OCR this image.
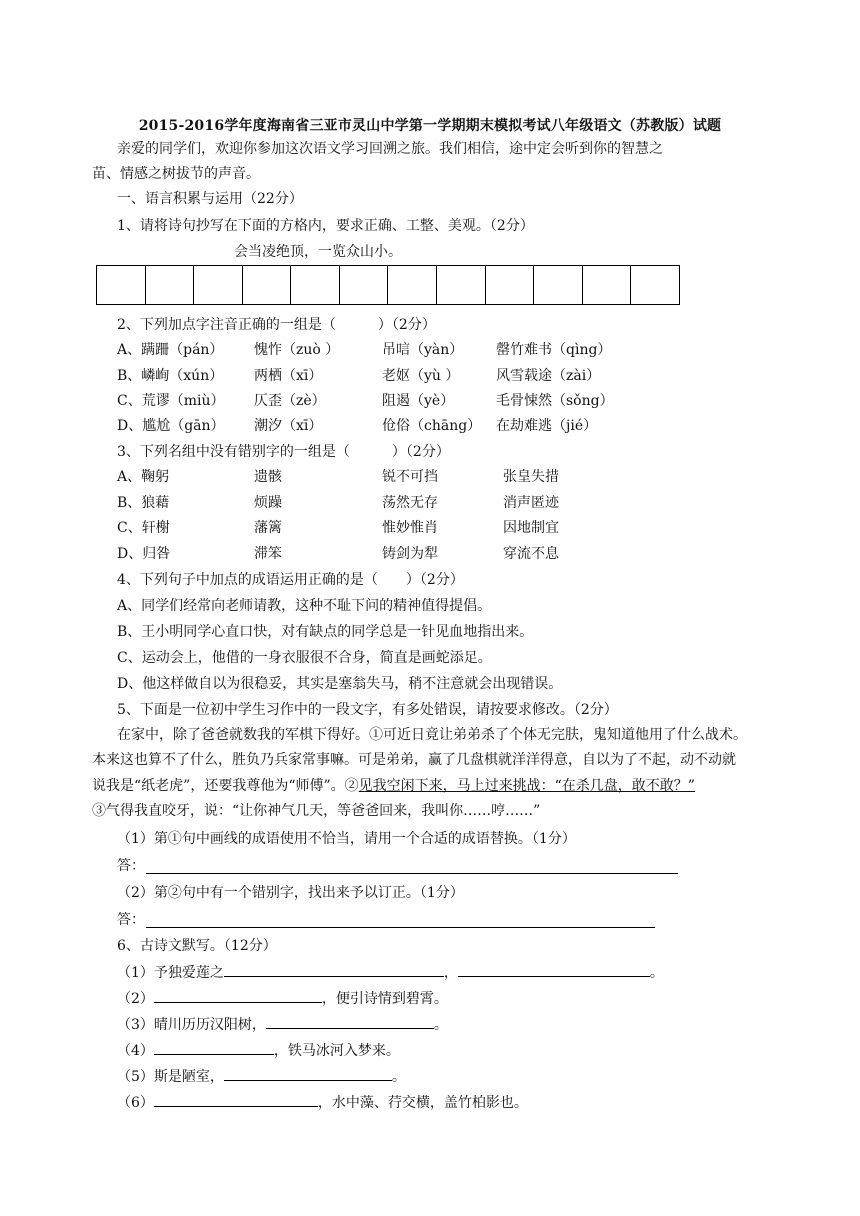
2015-2016学年度海南省三亚市灵山中学第一学期期末模拟考试八年级语文（苏教版）试题
亲爱的同学们，欢迎你参加这次语文学习回溯之旅。我们相信，途中定会听到你的智慧之
苗、情感之树拔节的声音。
一、语言积累与运用（22分）
1、请将诗句抄写在下面的方格内，要求正确、工整、美观。（2分）
会当凌绝顶，一览众山小。

2、下列加点字注音正确的一组是（　　　）（2分）
A、蹒跚（pán） 愧怍（zuò ）	吊唁（yàn） 罄竹难书（qìng）
B、嶙峋（xún） 两栖（xī）	老妪（yù ）	风雪载途（zài）
C、荒谬（miù） 仄歪（zè）	阻遏（yè）	毛骨悚然（sǒng）
D、尴尬（gān） 潮汐（xī）	伧俗（chāng） 在劫难逃（jié）
3、下列名组中没有错别字的一组是（　　　）（2分）
A、鞠躬	遗骸	锐不可挡	张皇失措
B、狼藉	烦躁	荡然无存	消声匿迹
C、轩榭	藩篱	惟妙惟肖	因地制宜
D、归咎	滞笨	铸剑为犁	穿流不息
4、下列句子中加点的成语运用正确的是（　　）（2分）
A、同学们经常向老师请教，这种不耻下问的精神值得提倡。
B、王小明同学心直口快，对有缺点的同学总是一针见血地指出来。
C、运动会上，他借的一身衣服很不合身，简直是画蛇添足。
D、他这样做自以为很稳妥，其实是塞翁失马，稍不注意就会出现错误。
5、下面是一位初中学生习作中的一段文字，有多处错误，请按要求修改。（2分）
在家中，除了爸爸就数我的军棋下得好。①可近日竟让弟弟杀了个体无完肤，鬼知道他用了什么战术。
本来这也算不了什么，胜负乃兵家常事嘛。可是弟弟，赢了几盘棋就洋洋得意，自以为了不起，动不动就
说我是“纸老虎”，还要我尊他为“师傅”。②见我空闲下来，马上过来挑战：“在杀几盘，敢不敢？”
③气得我直咬牙，说：“让你神气几天，等爸爸回来，我叫你……哼……”
（1）第①句中画线的成语使用不恰当，请用一个合适的成语替换。（1分）
答：
（2）第②句中有一个错别字，找出来予以订正。（1分）
答：
6、古诗文默写。（12分）
（1）予独爱莲之	，	。
（2）	，便引诗情到碧霄。
（3）晴川历历汉阳树，	。
（4）	，铁马冰河入梦来。
（5）斯是陋室，	。
（6）	，水中藻、荇交横，盖竹柏影也。
